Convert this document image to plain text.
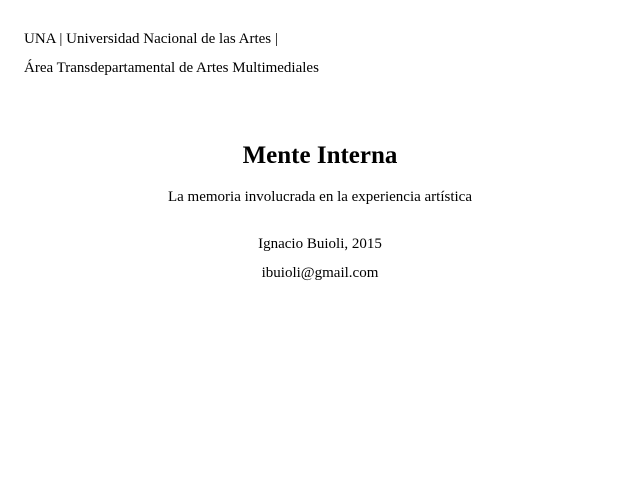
UNA | Universidad Nacional de las Artes |
Área Transdepartamental de Artes Multimediales
Mente Interna
La memoria involucrada en la experiencia artística
Ignacio Buioli, 2015
ibuioli@gmail.com
